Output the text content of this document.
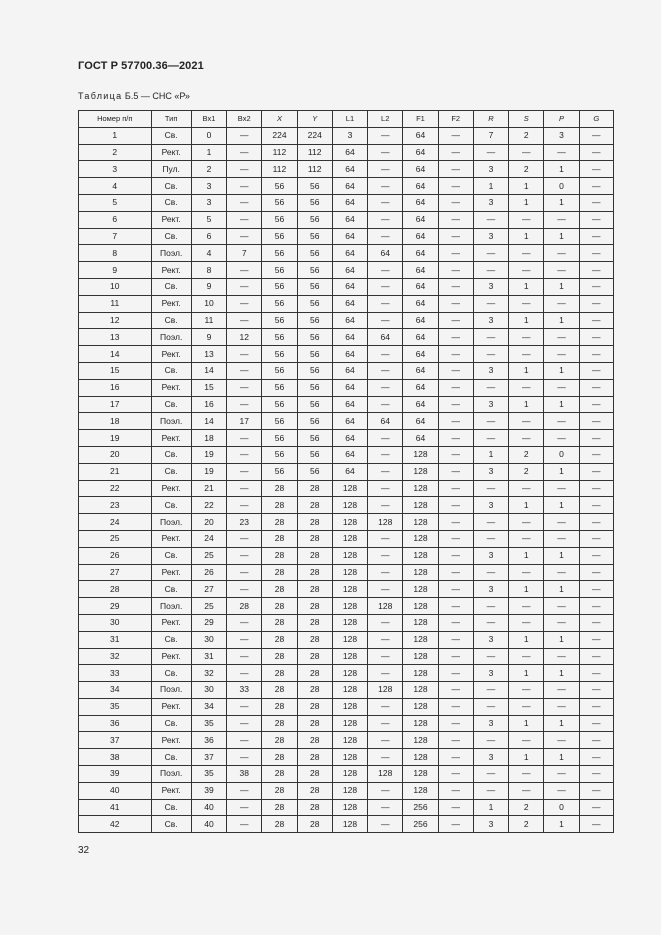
ГОСТ Р 57700.36—2021
Таблица Б.5 — СНС «Р»
Номер п/п	Тип	Вх1	Вх2	X	Y	L1	L2	F1	F2	R	S	P	G
1	Св.	0	—	224	224	3	—	64	—	7	2	3	—
2	Рект.	1	—	112	112	64	—	64	—	—	—	—	—
3	Пул.	2	—	112	112	64	—	64	—	3	2	1	—
4	Св.	3	—	56	56	64	—	64	—	1	1	0	—
5	Св.	3	—	56	56	64	—	64	—	3	1	1	—
6	Рект.	5	—	56	56	64	—	64	—	—	—	—	—
7	Св.	6	—	56	56	64	—	64	—	3	1	1	—
8	Поэл.	4	7	56	56	64	64	64	—	—	—	—	—
9	Рект.	8	—	56	56	64	—	64	—	—	—	—	—
10	Св.	9	—	56	56	64	—	64	—	3	1	1	—
11	Рект.	10	—	56	56	64	—	64	—	—	—	—	—
12	Св.	11	—	56	56	64	—	64	—	3	1	1	—
13	Поэл.	9	12	56	56	64	64	64	—	—	—	—	—
14	Рект.	13	—	56	56	64	—	64	—	—	—	—	—
15	Св.	14	—	56	56	64	—	64	—	3	1	1	—
16	Рект.	15	—	56	56	64	—	64	—	—	—	—	—
17	Св.	16	—	56	56	64	—	64	—	3	1	1	—
18	Поэл.	14	17	56	56	64	64	64	—	—	—	—	—
19	Рект.	18	—	56	56	64	—	64	—	—	—	—	—
20	Св.	19	—	56	56	64	—	128	—	1	2	0	—
21	Св.	19	—	56	56	64	—	128	—	3	2	1	—
22	Рект.	21	—	28	28	128	—	128	—	—	—	—	—
23	Св.	22	—	28	28	128	—	128	—	3	1	1	—
24	Поэл.	20	23	28	28	128	128	128	—	—	—	—	—
25	Рект.	24	—	28	28	128	—	128	—	—	—	—	—
26	Св.	25	—	28	28	128	—	128	—	3	1	1	—
27	Рект.	26	—	28	28	128	—	128	—	—	—	—	—
28	Св.	27	—	28	28	128	—	128	—	3	1	1	—
29	Поэл.	25	28	28	28	128	128	128	—	—	—	—	—
30	Рект.	29	—	28	28	128	—	128	—	—	—	—	—
31	Св.	30	—	28	28	128	—	128	—	3	1	1	—
32	Рект.	31	—	28	28	128	—	128	—	—	—	—	—
33	Св.	32	—	28	28	128	—	128	—	3	1	1	—
34	Поэл.	30	33	28	28	128	128	128	—	—	—	—	—
35	Рект.	34	—	28	28	128	—	128	—	—	—	—	—
36	Св.	35	—	28	28	128	—	128	—	3	1	1	—
37	Рект.	36	—	28	28	128	—	128	—	—	—	—	—
38	Св.	37	—	28	28	128	—	128	—	3	1	1	—
39	Поэл.	35	38	28	28	128	128	128	—	—	—	—	—
40	Рект.	39	—	28	28	128	—	128	—	—	—	—	—
41	Св.	40	—	28	28	128	—	256	—	1	2	0	—
42	Св.	40	—	28	28	128	—	256	—	3	2	1	—
32
